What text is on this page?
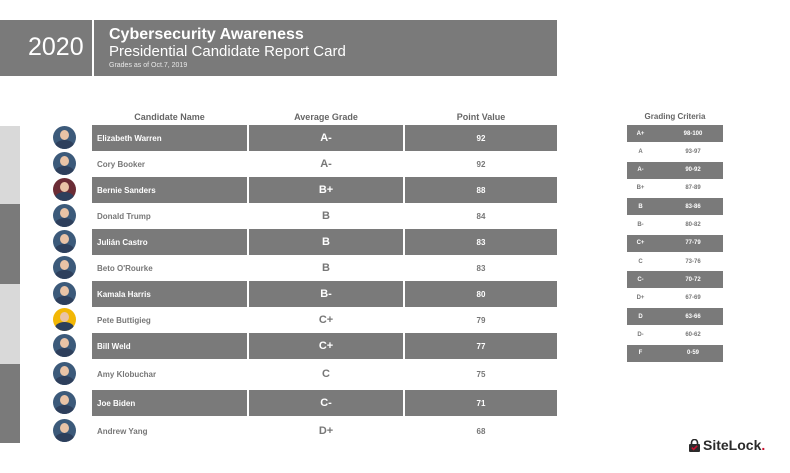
2020 Cybersecurity Awareness
Presidential Candidate Report Card
Grades as of Oct.7, 2019
Candidate Name	Average Grade	Point Value
Elizabeth Warren	A-	92
Cory Booker	A-	92
Bernie Sanders	B+	88
Donald Trump	B	84
Julián Castro	B	83
Beto O'Rourke	B	83
Kamala Harris	B-	80
Pete Buttigieg	C+	79
Bill Weld	C+	77
Amy Klobuchar	C	75
Joe Biden	C-	71
Andrew Yang	D+	68
Grading Criteria
A+	98-100
A	93-97
A-	90-92
B+	87-89
B	83-86
B-	80-82
C+	77-79
C	73-76
C-	70-72
D+	67-69
D	63-66
D-	60-62
F	0-59
SiteLock.
